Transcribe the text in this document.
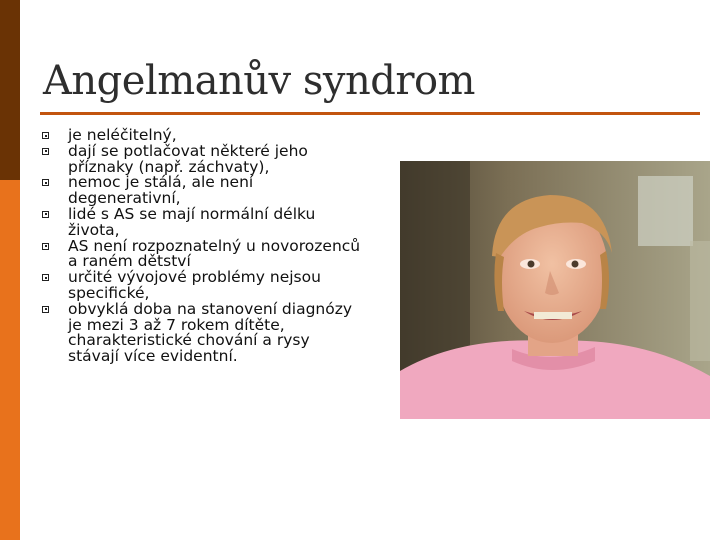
Angelmanův syndrom
je neléčitelný,
dají se potlačovat některé jeho příznaky (např. záchvaty),
nemoc je stálá, ale není degenerativní,
lidé s AS se mají normální délku života,
AS není rozpoznatelný u novorozenců a raném dětství
určité vývojové problémy nejsou specifické,
obvyklá doba na stanovení diagnózy je mezi 3 až 7 rokem dítěte, charakteristické chování a rysy stávají více evidentní.
